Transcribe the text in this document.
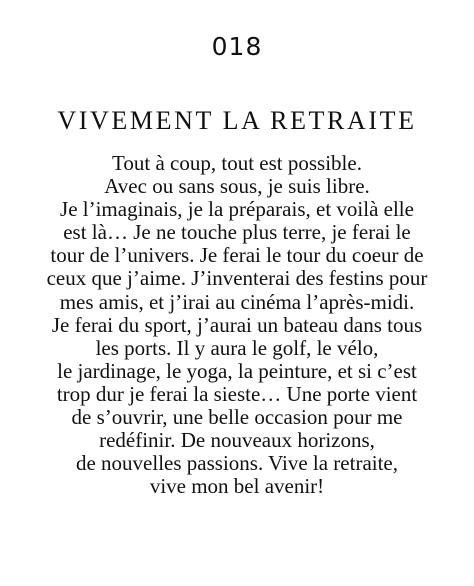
018
VIVEMENT LA RETRAITE
Tout à coup, tout est possible.
Avec ou sans sous, je suis libre.
Je l’imaginais, je la préparais, et voilà elle
est là… Je ne touche plus terre, je ferai le
tour de l’univers. Je ferai le tour du coeur de
ceux que j’aime. J’inventerai des festins pour
mes amis, et j’irai au cinéma l’après-midi.
Je ferai du sport, j’aurai un bateau dans tous
les ports. Il y aura le golf, le vélo,
le jardinage, le yoga, la peinture, et si c’est
trop dur je ferai la sieste… Une porte vient
de s’ouvrir, une belle occasion pour me
redéfinir. De nouveaux horizons,
de nouvelles passions. Vive la retraite,
vive mon bel avenir!
